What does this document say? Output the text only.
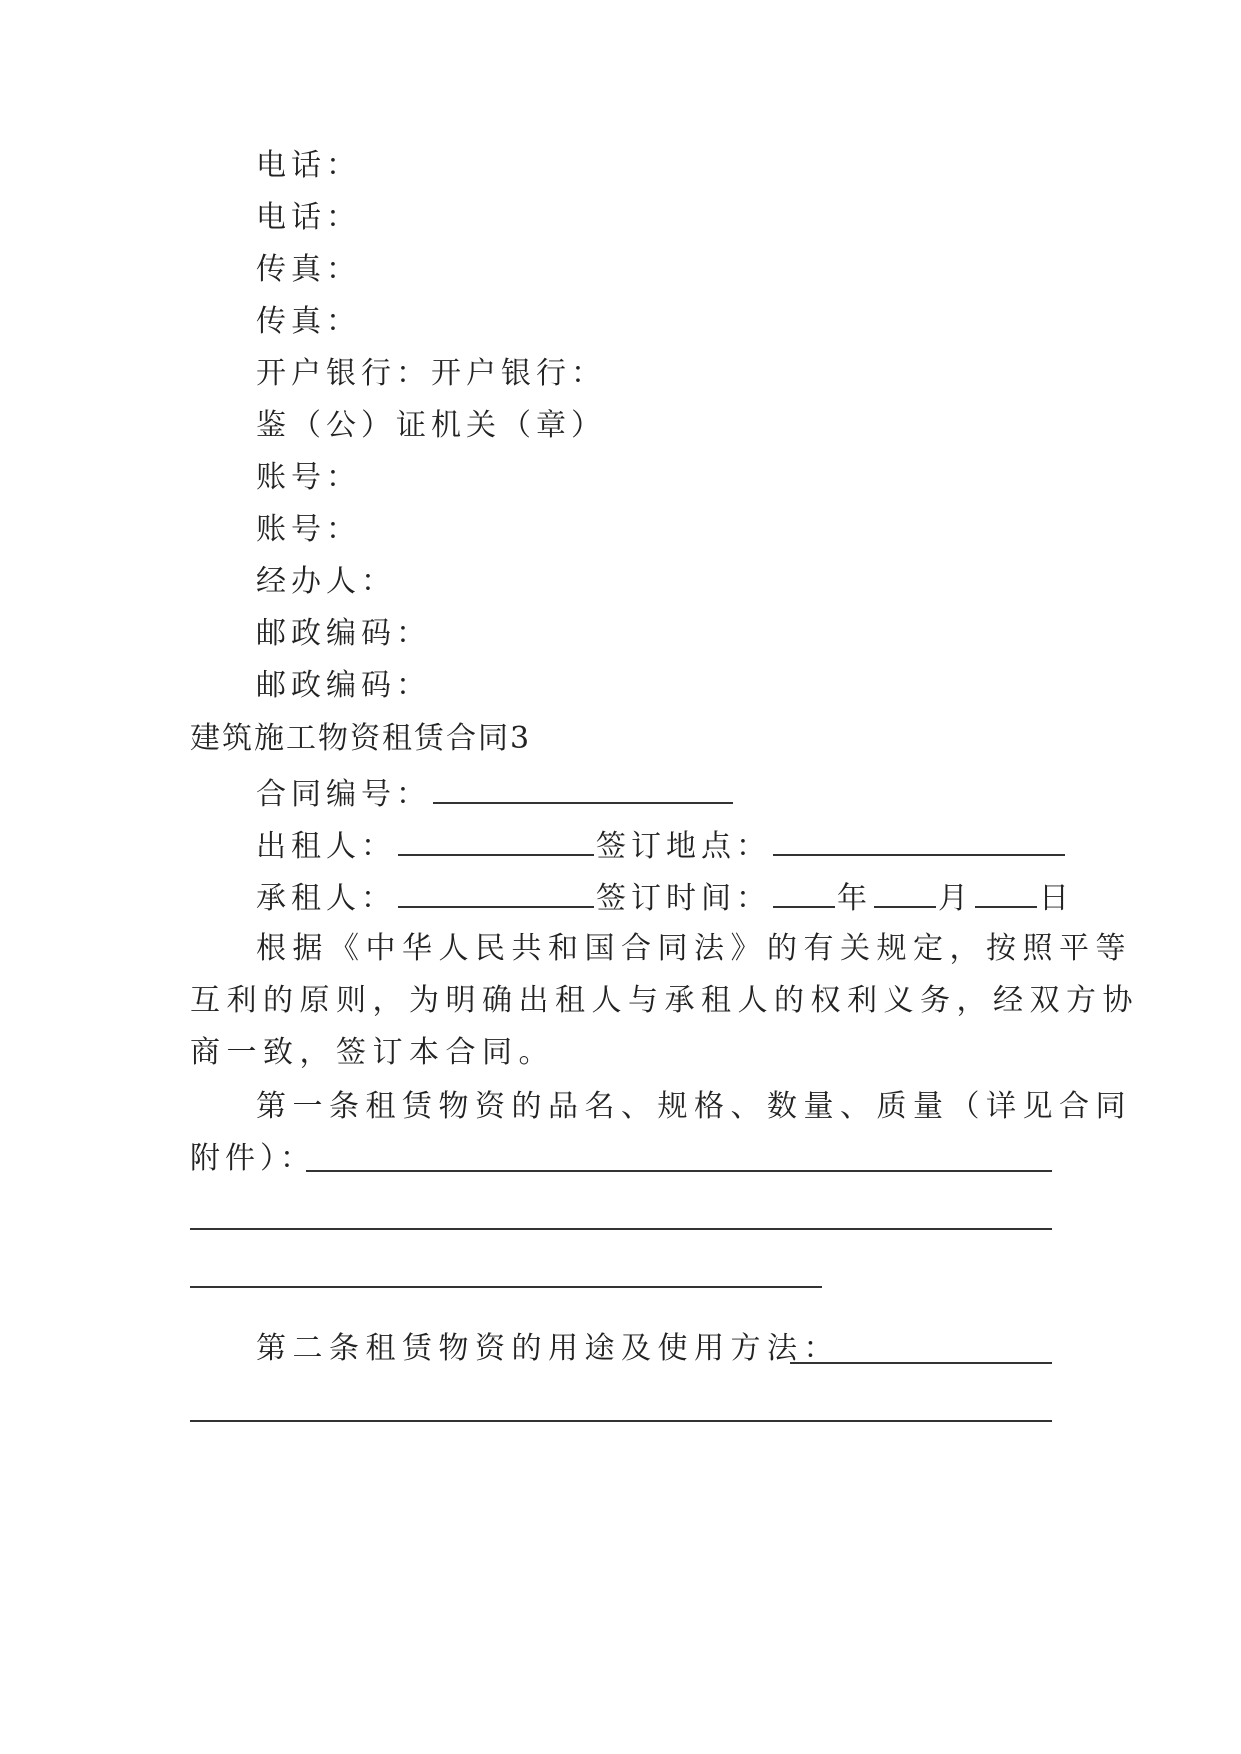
电话：
电话：
传真：
传真：
开户银行：开户银行：
鉴（公）证机关（章）
账号：
账号：
经办人：
邮政编码：
邮政编码：
建筑施工物资租赁合同3
合同编号：
出租人：	签订地点：
承租人：	签订时间： 年 月 日
根据《中华人民共和国合同法》的有关规定，按照平等
互利的原则，为明确出租人与承租人的权利义务，经双方协
商一致，签订本合同。
第一条租赁物资的品名、规格、数量、质量（详见合同
附件）：
第二条租赁物资的用途及使用方法：
